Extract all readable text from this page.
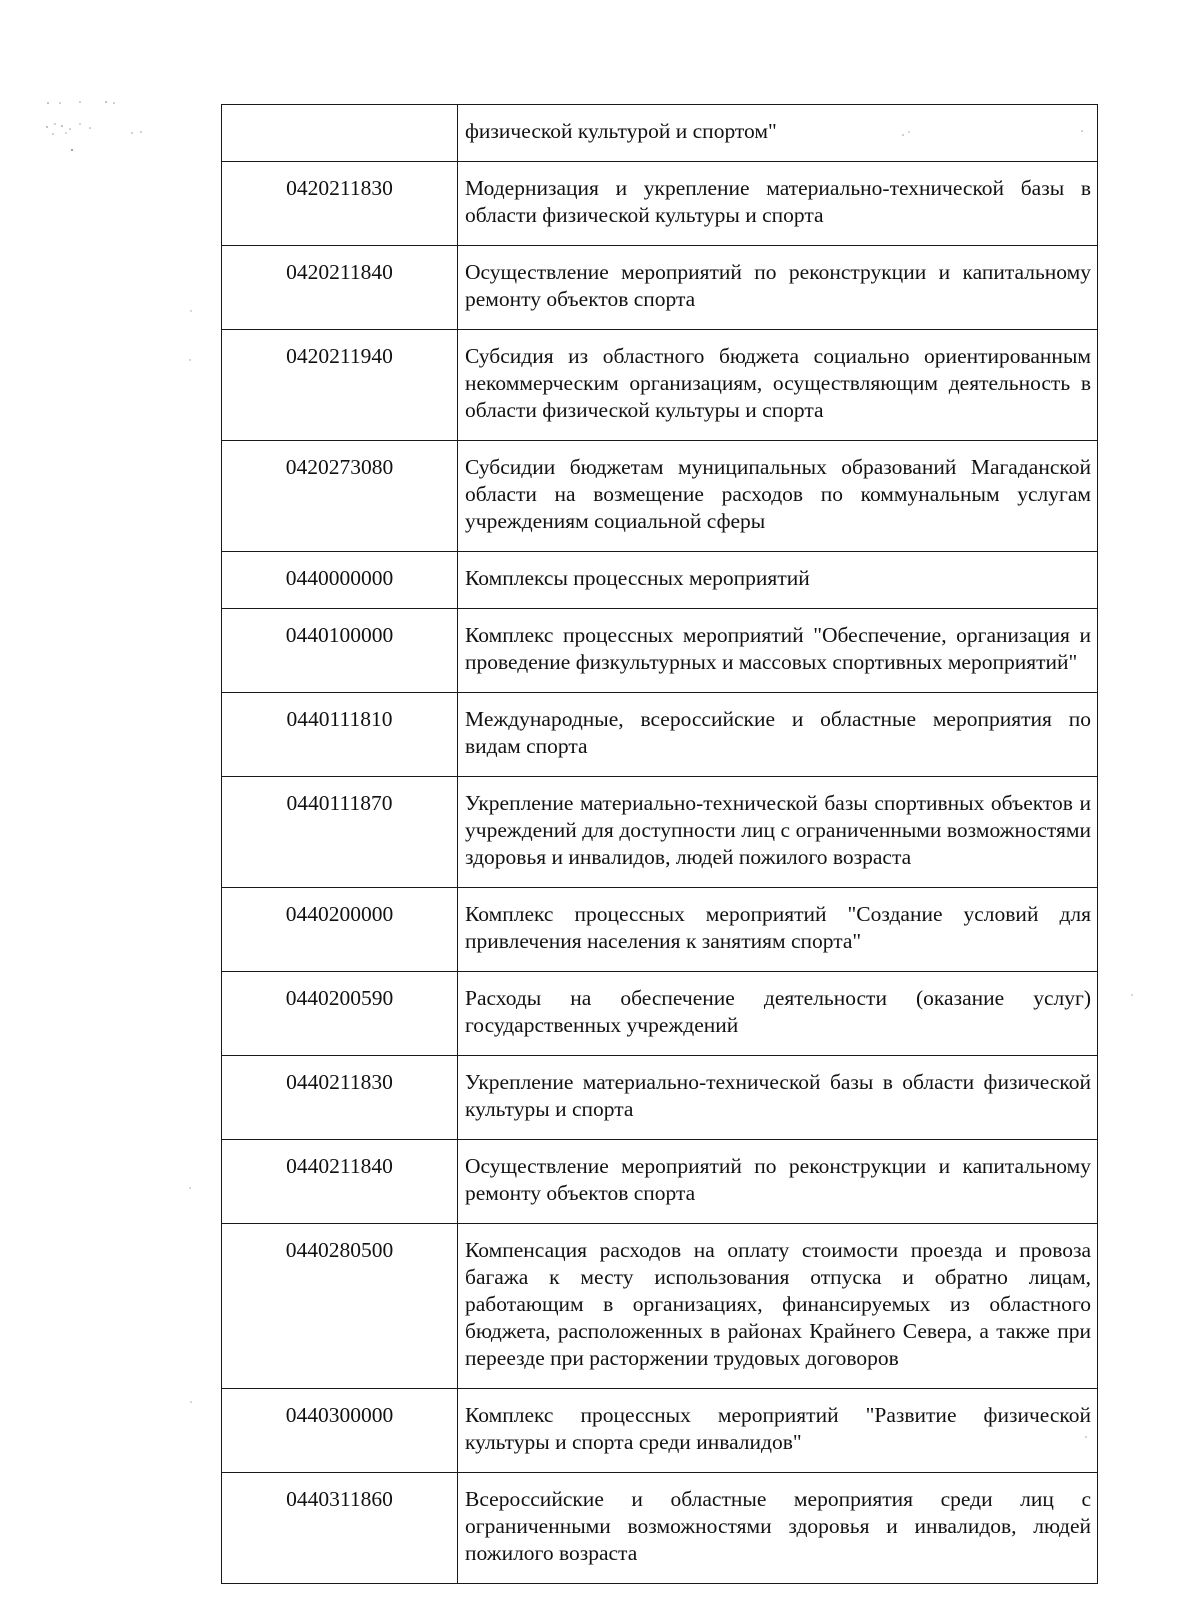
	физической культурой и спортом"
0420211830	Модернизация и укрепление материально-технической базы в области физической культуры и спорта
0420211840	Осуществление мероприятий по реконструкции и капитальному ремонту объектов спорта
0420211940	Субсидия из областного бюджета социально ориентированным некоммерческим организациям, осуществляющим деятельность в области физической культуры и спорта
0420273080	Субсидии бюджетам муниципальных образований Магаданской области на возмещение расходов по коммунальным услугам учреждениям социальной сферы
0440000000	Комплексы процессных мероприятий
0440100000	Комплекс процессных мероприятий "Обеспечение, организация и проведение физкультурных и массовых спортивных мероприятий"
0440111810	Международные, всероссийские и областные мероприятия по видам спорта
0440111870	Укрепление материально-технической базы спортивных объектов и учреждений для доступности лиц с ограниченными возможностями здоровья и инвалидов, людей пожилого возраста
0440200000	Комплекс процессных мероприятий "Создание условий для привлечения населения к занятиям спорта"
0440200590	Расходы на обеспечение деятельности (оказание услуг) государственных учреждений
0440211830	Укрепление материально-технической базы в области физической культуры и спорта
0440211840	Осуществление мероприятий по реконструкции и капитальному ремонту объектов спорта
0440280500	Компенсация расходов на оплату стоимости проезда и провоза багажа к месту использования отпуска и обратно лицам, работающим в организациях, финансируемых из областного бюджета, расположенных в районах Крайнего Севера, а также при переезде при расторжении трудовых договоров
0440300000	Комплекс процессных мероприятий "Развитие физической культуры и спорта среди инвалидов"
0440311860	Всероссийские и областные мероприятия среди лиц с ограниченными возможностями здоровья и инвалидов, людей пожилого возраста
